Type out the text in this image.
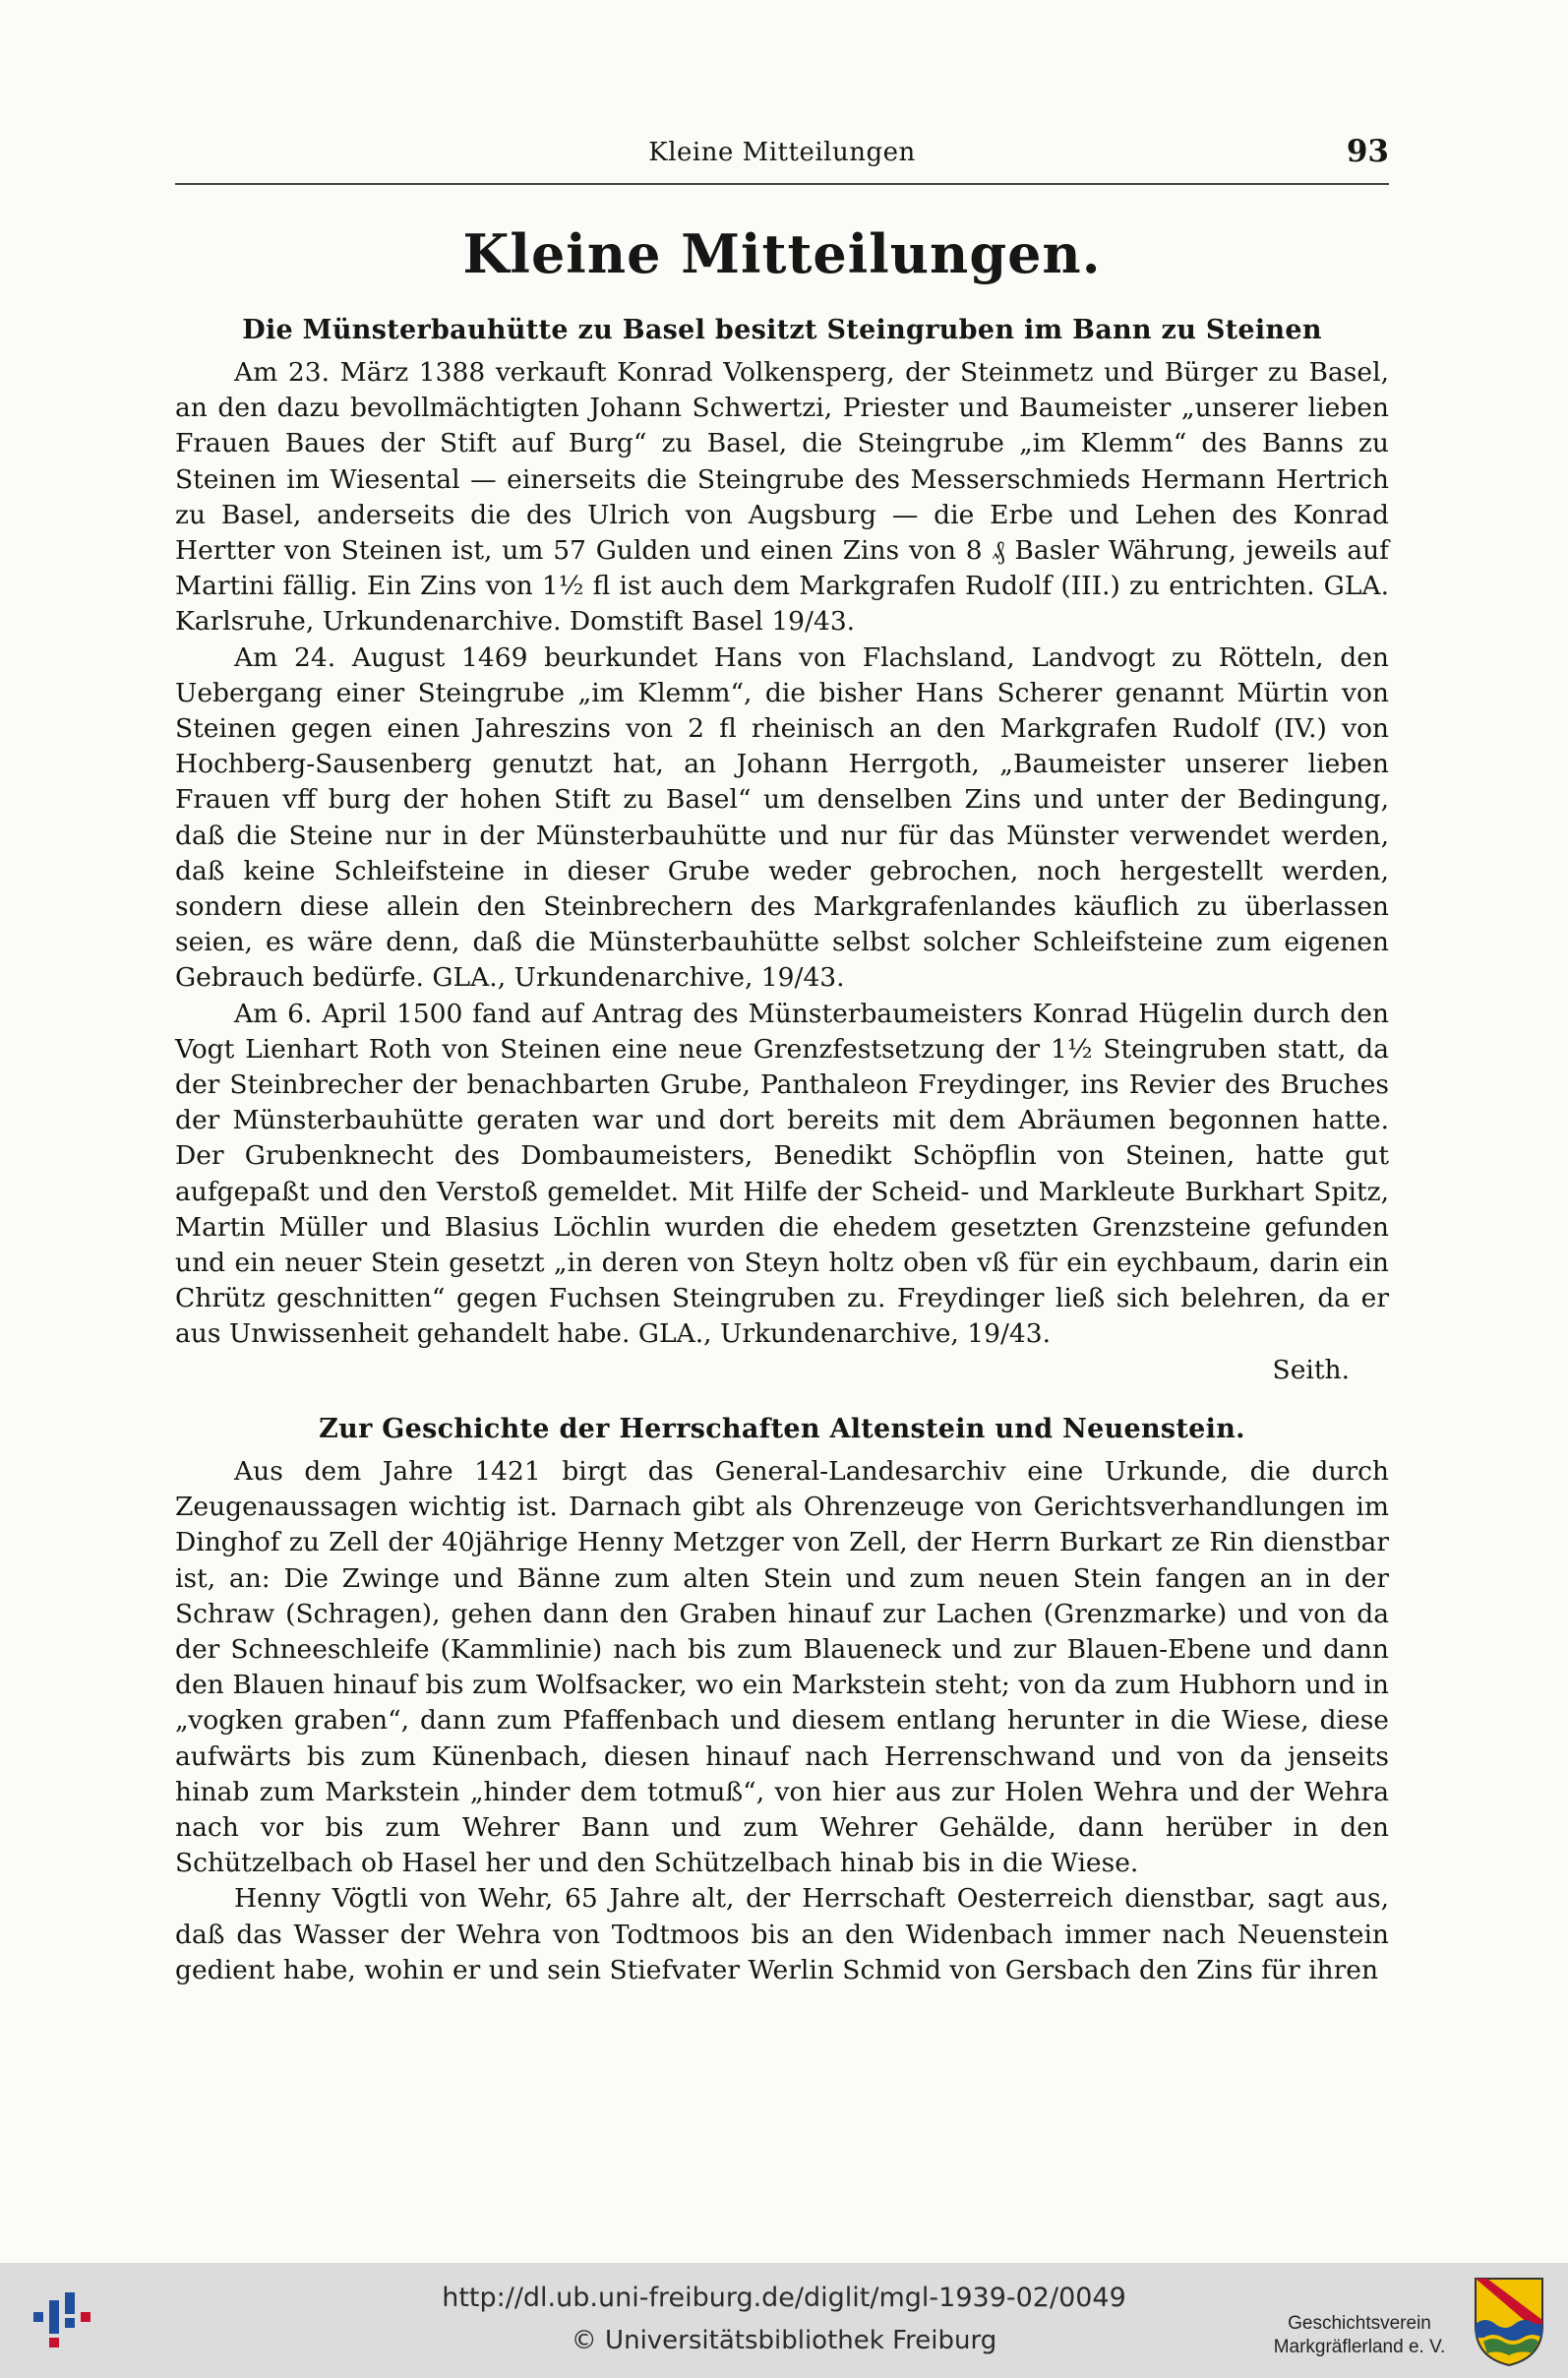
Kleine Mitteilungen	93
Kleine Mitteilungen.
Die Münsterbauhütte zu Basel besitzt Steingruben im Bann zu Steinen

Am 23. März 1388 verkauft Konrad Volkensperg, der Steinmetz und Bürger zu Basel, an den dazu bevollmächtigten Johann Schwertzi, Priester und Baumeister „unserer lieben Frauen Baues der Stift auf Burg“ zu Basel, die Steingrube „im Klemm“ des Banns zu Steinen im Wiesental — einerseits die Steingrube des Messerschmieds Hermann Hertrich zu Basel, anderseits die des Ulrich von Augsburg — die Erbe und Lehen des Konrad Hertter von Steinen ist, um 57 Gulden und einen Zins von 8 ₰ Basler Währung, jeweils auf Martini fällig. Ein Zins von 1½ fl ist auch dem Markgrafen Rudolf (III.) zu entrichten. GLA. Karlsruhe, Urkundenarchive. Domstift Basel 19/43.

Am 24. August 1469 beurkundet Hans von Flachsland, Landvogt zu Rötteln, den Uebergang einer Steingrube „im Klemm“, die bisher Hans Scherer genannt Mürtin von Steinen gegen einen Jahreszins von 2 fl rheinisch an den Markgrafen Rudolf (IV.) von Hochberg-Sausenberg genutzt hat, an Johann Herrgoth, „Baumeister unserer lieben Frauen vff burg der hohen Stift zu Basel“ um denselben Zins und unter der Bedingung, daß die Steine nur in der Münsterbauhütte und nur für das Münster verwendet werden, daß keine Schleifsteine in dieser Grube weder gebrochen, noch hergestellt werden, sondern diese allein den Steinbrechern des Markgrafenlandes käuflich zu überlassen seien, es wäre denn, daß die Münsterbauhütte selbst solcher Schleifsteine zum eigenen Gebrauch bedürfe. GLA., Urkundenarchive, 19/43.

Am 6. April 1500 fand auf Antrag des Münsterbaumeisters Konrad Hügelin durch den Vogt Lienhart Roth von Steinen eine neue Grenzfestsetzung der 1½ Steingruben statt, da der Steinbrecher der benachbarten Grube, Panthaleon Freydinger, ins Revier des Bruches der Münsterbauhütte geraten war und dort bereits mit dem Abräumen begonnen hatte. Der Grubenknecht des Dombaumeisters, Benedikt Schöpflin von Steinen, hatte gut aufgepaßt und den Verstoß gemeldet. Mit Hilfe der Scheid- und Markleute Burkhart Spitz, Martin Müller und Blasius Löchlin wurden die ehedem gesetzten Grenzsteine gefunden und ein neuer Stein gesetzt „in deren von Steyn holtz oben vß für ein eychbaum, darin ein Chrütz geschnitten“ gegen Fuchsen Steingruben zu. Freydinger ließ sich belehren, da er aus Unwissenheit gehandelt habe. GLA., Urkundenarchive, 19/43.

Seith.

Zur Geschichte der Herrschaften Altenstein und Neuenstein.

Aus dem Jahre 1421 birgt das General-Landesarchiv eine Urkunde, die durch Zeugenaussagen wichtig ist. Darnach gibt als Ohrenzeuge von Gerichtsverhandlungen im Dinghof zu Zell der 40jährige Henny Metzger von Zell, der Herrn Burkart ze Rin dienstbar ist, an: Die Zwinge und Bänne zum alten Stein und zum neuen Stein fangen an in der Schraw (Schragen), gehen dann den Graben hinauf zur Lachen (Grenzmarke) und von da der Schneeschleife (Kammlinie) nach bis zum Blaueneck und zur Blauen-Ebene und dann den Blauen hinauf bis zum Wolfsacker, wo ein Markstein steht; von da zum Hubhorn und in „vogken graben“, dann zum Pfaffenbach und diesem entlang herunter in die Wiese, diese aufwärts bis zum Künenbach, diesen hinauf nach Herrenschwand und von da jenseits hinab zum Markstein „hinder dem totmuß“, von hier aus zur Holen Wehra und der Wehra nach vor bis zum Wehrer Bann und zum Wehrer Gehälde, dann herüber in den Schützelbach ob Hasel her und den Schützelbach hinab bis in die Wiese.

Henny Vögtli von Wehr, 65 Jahre alt, der Herrschaft Oesterreich dienstbar, sagt aus, daß das Wasser der Wehra von Todtmoos bis an den Widenbach immer nach Neuenstein gedient habe, wohin er und sein Stiefvater Werlin Schmid von Gersbach den Zins für ihren

http://dl.ub.uni-freiburg.de/diglit/mgl-1939-02/0049
© Universitätsbibliothek Freiburg
Geschichtsverein
Markgräflerland e. V.
